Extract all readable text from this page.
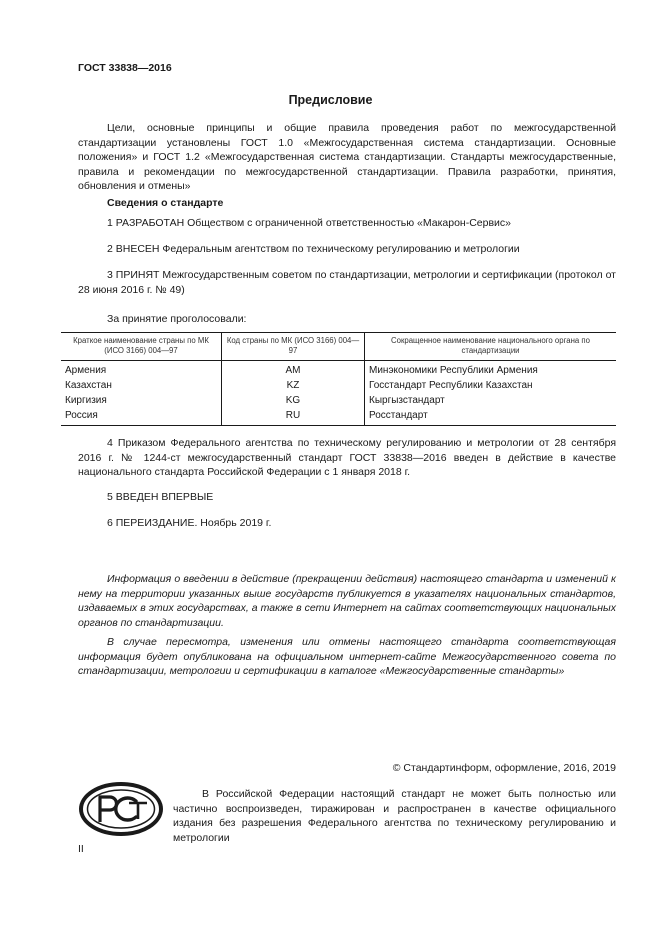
ГОСТ 33838—2016
Предисловие
Цели, основные принципы и общие правила проведения работ по межгосударственной стандартизации установлены ГОСТ 1.0 «Межгосударственная система стандартизации. Основные положения» и ГОСТ 1.2 «Межгосударственная система стандартизации. Стандарты межгосударственные, правила и рекомендации по межгосударственной стандартизации. Правила разработки, принятия, обновления и отмены»
Сведения о стандарте
1 РАЗРАБОТАН Обществом с ограниченной ответственностью «Макарон-Сервис»
2 ВНЕСЕН Федеральным агентством по техническому регулированию и метрологии
3 ПРИНЯТ Межгосударственным советом по стандартизации, метрологии и сертификации (протокол от 28 июня 2016 г. № 49)
За принятие проголосовали:
Краткое наименование страны по МК (ИСО 3166) 004—97	Код страны по МК (ИСО 3166) 004—97	Сокращенное наименование национального органа по стандартизации
Армения	AM	Минэкономики Республики Армения
Казахстан	KZ	Госстандарт Республики Казахстан
Киргизия	KG	Кыргызстандарт
Россия	RU	Росстандарт
4 Приказом Федерального агентства по техническому регулированию и метрологии от 28 сентября 2016 г. № 1244-ст межгосударственный стандарт ГОСТ 33838—2016 введен в действие в качестве национального стандарта Российской Федерации с 1 января 2018 г.
5 ВВЕДЕН ВПЕРВЫЕ
6 ПЕРЕИЗДАНИЕ. Ноябрь 2019 г.
Информация о введении в действие (прекращении действия) настоящего стандарта и изменений к нему на территории указанных выше государств публикуется в указателях национальных стандартов, издаваемых в этих государствах, а также в сети Интернет на сайтах соответствующих национальных органов по стандартизации.
В случае пересмотра, изменения или отмены настоящего стандарта соответствующая информация будет опубликована на официальном интернет-сайте Межгосударственного совета по стандартизации, метрологии и сертификации в каталоге «Межгосударственные стандарты»
© Стандартинформ, оформление, 2016, 2019
В Российской Федерации настоящий стандарт не может быть полностью или частично воспроизведен, тиражирован и распространен в качестве официального издания без разрешения Федерального агентства по техническому регулированию и метрологии
II
